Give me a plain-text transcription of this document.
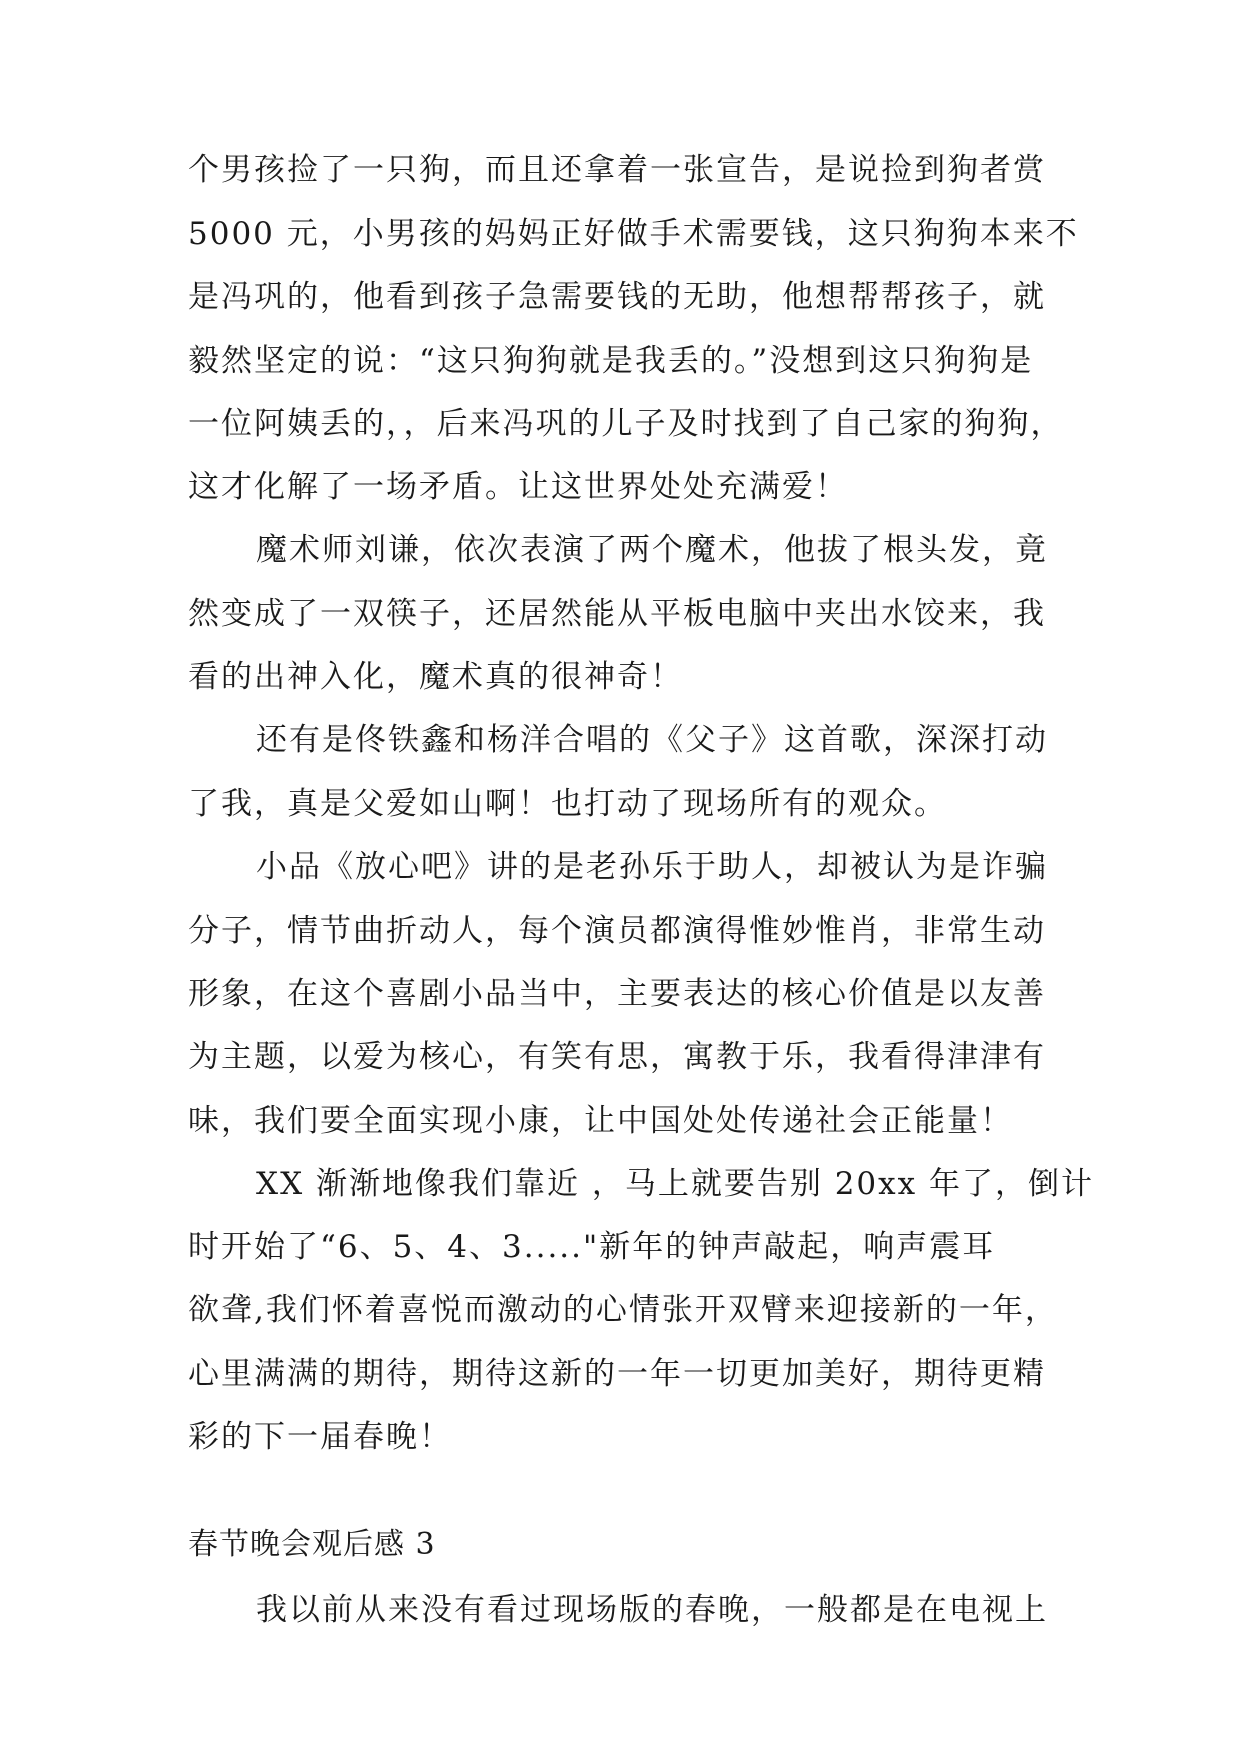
个男孩捡了一只狗，而且还拿着一张宣告，是说捡到狗者赏
5000 元，小男孩的妈妈正好做手术需要钱，这只狗狗本来不
是冯巩的，他看到孩子急需要钱的无助，他想帮帮孩子，就
毅然坚定的说：“这只狗狗就是我丢的。”没想到这只狗狗是
一位阿姨丢的，，后来冯巩的儿子及时找到了自己家的狗狗，
这才化解了一场矛盾。让这世界处处充满爱！
魔术师刘谦，依次表演了两个魔术，他拔了根头发，竟
然变成了一双筷子，还居然能从平板电脑中夹出水饺来，我
看的出神入化，魔术真的很神奇！
还有是佟铁鑫和杨洋合唱的《父子》这首歌，深深打动
了我，真是父爱如山啊！也打动了现场所有的观众。
小品《放心吧》讲的是老孙乐于助人，却被认为是诈骗
分子，情节曲折动人，每个演员都演得惟妙惟肖，非常生动
形象，在这个喜剧小品当中，主要表达的核心价值是以友善
为主题，以爱为核心，有笑有思，寓教于乐，我看得津津有
味，我们要全面实现小康，让中国处处传递社会正能量！
XX 渐渐地像我们靠近 ，马上就要告别 20xx 年了，倒计
时开始了“6、5、4、3....."新年的钟声敲起，响声震耳
欲聋,我们怀着喜悦而激动的心情张开双臂来迎接新的一年，
心里满满的期待，期待这新的一年一切更加美好，期待更精
彩的下一届春晚！
春节晚会观后感 3
我以前从来没有看过现场版的春晚，一般都是在电视上
